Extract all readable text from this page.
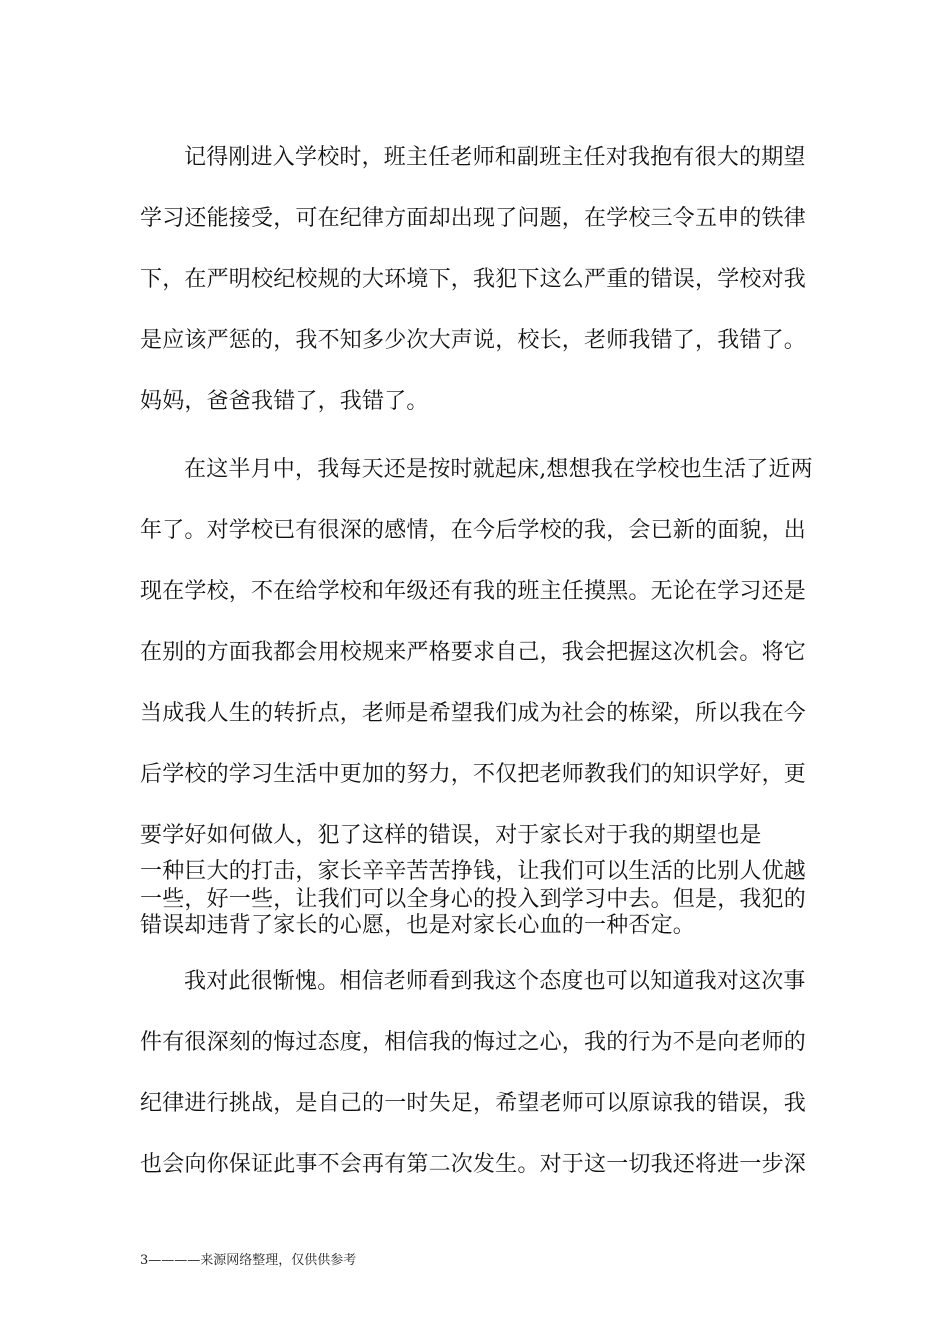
记得刚进入学校时，班主任老师和副班主任对我抱有很大的期望
学习还能接受，可在纪律方面却出现了问题，在学校三令五申的铁律
下，在严明校纪校规的大环境下，我犯下这么严重的错误，学校对我
是应该严惩的，我不知多少次大声说，校长，老师我错了，我错了。
妈妈，爸爸我错了，我错了。
在这半月中，我每天还是按时就起床,想想我在学校也生活了近两
年了。对学校已有很深的感情，在今后学校的我，会已新的面貌，出
现在学校，不在给学校和年级还有我的班主任摸黑。无论在学习还是
在别的方面我都会用校规来严格要求自己，我会把握这次机会。将它
当成我人生的转折点，老师是希望我们成为社会的栋梁，所以我在今
后学校的学习生活中更加的努力，不仅把老师教我们的知识学好，更
要学好如何做人，犯了这样的错误，对于家长对于我的期望也是
一种巨大的打击，家长辛辛苦苦挣钱，让我们可以生活的比别人优越
一些，好一些，让我们可以全身心的投入到学习中去。但是，我犯的
错误却违背了家长的心愿，也是对家长心血的一种否定。
我对此很惭愧。相信老师看到我这个态度也可以知道我对这次事
件有很深刻的悔过态度，相信我的悔过之心，我的行为不是向老师的
纪律进行挑战，是自己的一时失足，希望老师可以原谅我的错误，我
也会向你保证此事不会再有第二次发生。对于这一切我还将进一步深
3————来源网络整理，仅供供参考
